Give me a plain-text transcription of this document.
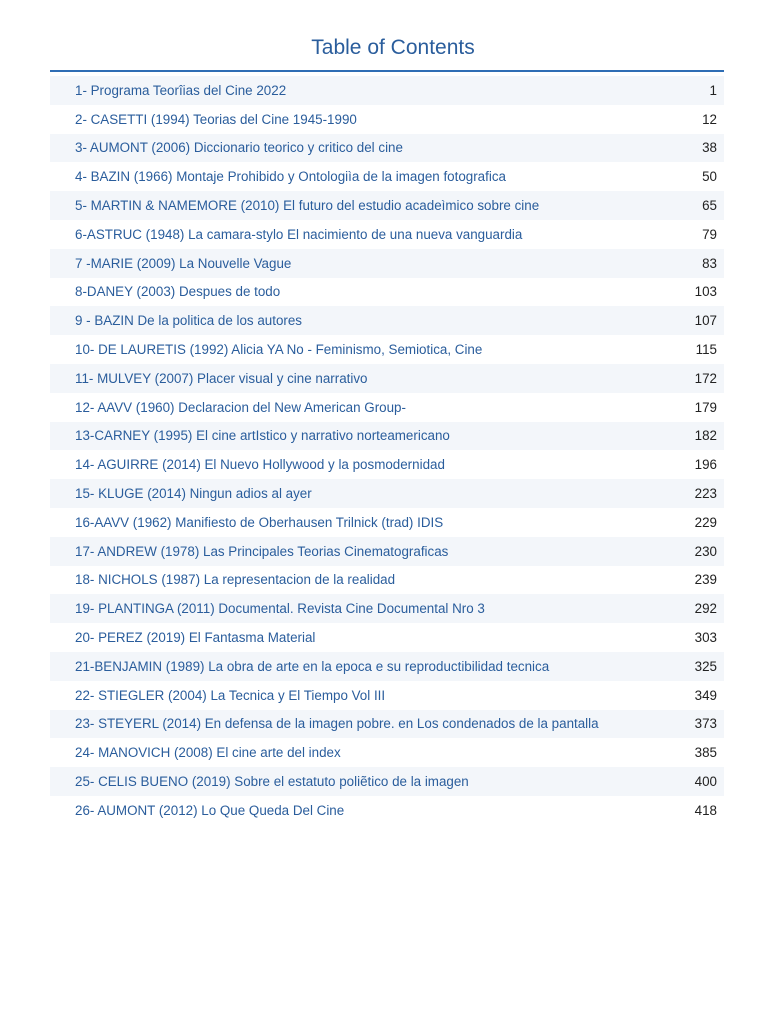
Table of Contents
1- Programa Teorîias del Cine 2022	1
2- CASETTI (1994) Teorias del Cine 1945-1990	12
3- AUMONT (2006) Diccionario teorico y critico del cine	38
4- BAZIN (1966) Montaje Prohibido y Ontologiìa de la imagen fotografica	50
5- MARTIN & NAMEMORE (2010) El futuro del estudio acadeìmico sobre cine	65
6-ASTRUC (1948) La camara-stylo El nacimiento de una nueva vanguardia	79
7 -MARIE (2009) La Nouvelle Vague	83
8-DANEY (2003) Despues de todo	103
9 - BAZIN De la politica de los autores	107
10- DE LAURETIS (1992) Alicia YA No - Feminismo, Semiotica, Cine	115
11- MULVEY (2007) Placer visual y cine narrativo	172
12- AAVV (1960) Declaracion del New American Group-	179
13-CARNEY (1995) El cine artIstico y narrativo norteamericano	182
14- AGUIRRE (2014) El Nuevo Hollywood y la posmodernidad	196
15- KLUGE (2014) Ningun adios al ayer	223
16-AAVV (1962) Manifiesto de Oberhausen Trilnick (trad) IDIS	229
17- ANDREW (1978) Las Principales Teorias Cinematograficas	230
18- NICHOLS (1987) La representacion de la realidad	239
19- PLANTINGA (2011) Documental. Revista Cine Documental Nro 3	292
20- PEREZ (2019) El Fantasma Material	303
21-BENJAMIN (1989) La obra de arte en la epoca e su reproductibilidad tecnica	325
22- STIEGLER (2004) La Tecnica y El Tiempo Vol III	349
23- STEYERL (2014) En defensa de la imagen pobre. en Los condenados de la pantalla	373
24- MANOVICH (2008) El cine arte del index	385
25- CELIS BUENO (2019) Sobre el estatuto poliẽtico de la imagen	400
26- AUMONT (2012) Lo Que Queda Del Cine	418
